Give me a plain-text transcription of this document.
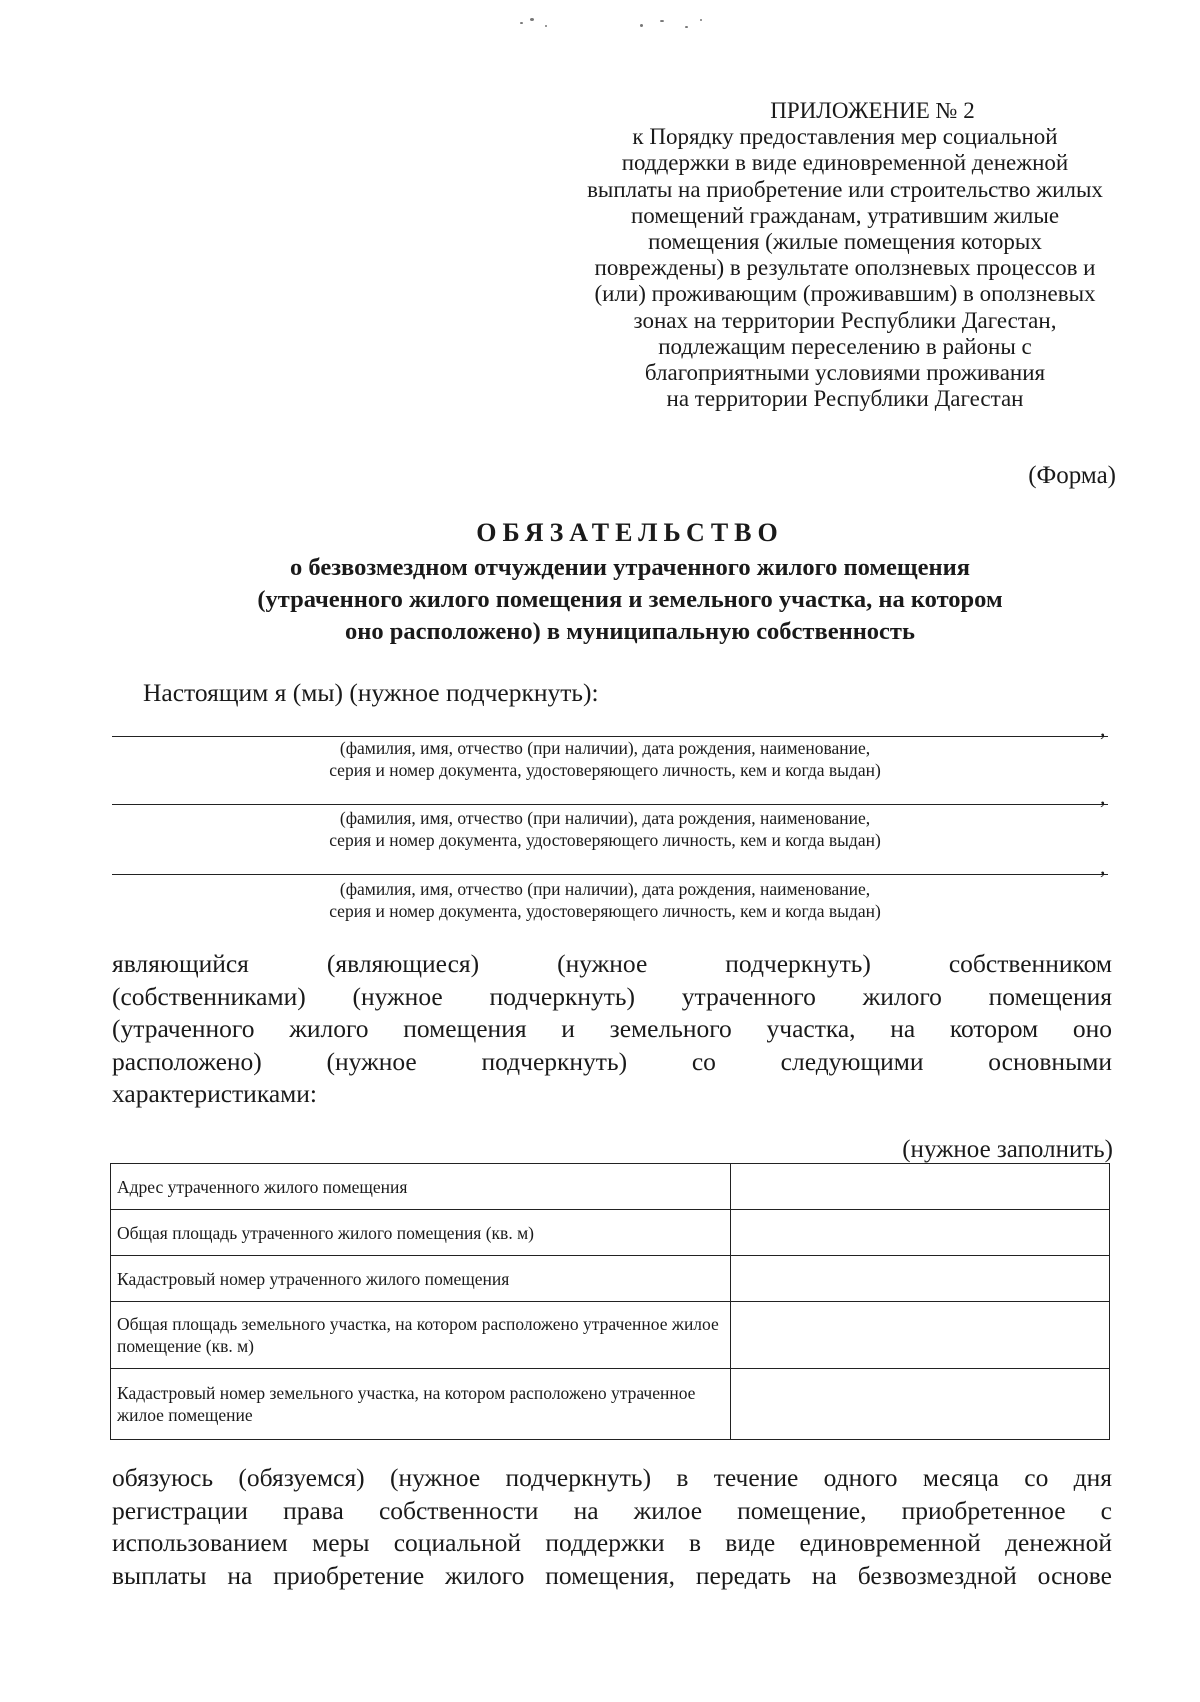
ПРИЛОЖЕНИЕ № 2
к Порядку предоставления мер социальной
поддержки в виде единовременной денежной
выплаты на приобретение или строительство жилых
помещений гражданам, утратившим жилые
помещения (жилые помещения которых
повреждены) в результате оползневых процессов и
(или) проживающим (проживавшим) в оползневых
зонах на территории Республики Дагестан,
подлежащим переселению в районы с
благоприятными условиями проживания
на территории Республики Дагестан
(Форма)
ОБЯЗАТЕЛЬСТВО
о безвозмездном отчуждении утраченного жилого помещения
(утраченного жилого помещения и земельного участка, на котором
оно расположено) в муниципальную собственность
Настоящим я (мы) (нужное подчеркнуть):
,
(фамилия, имя, отчество (при наличии), дата рождения, наименование,
серия и номер документа, удостоверяющего личность, кем и когда выдан)
,
(фамилия, имя, отчество (при наличии), дата рождения, наименование,
серия и номер документа, удостоверяющего личность, кем и когда выдан)
,
(фамилия, имя, отчество (при наличии), дата рождения, наименование,
серия и номер документа, удостоверяющего личность, кем и когда выдан)
являющийся (являющиеся) (нужное подчеркнуть) собственником
(собственниками) (нужное подчеркнуть) утраченного жилого помещения
(утраченного жилого помещения и земельного участка, на котором оно
расположено) (нужное подчеркнуть) со следующими основными
характеристиками:
(нужное заполнить)
Адрес утраченного жилого помещения	
Общая площадь утраченного жилого помещения (кв. м)	
Кадастровый номер утраченного жилого помещения	
Общая площадь земельного участка, на котором расположено утраченное жилое помещение (кв. м)	
Кадастровый номер земельного участка, на котором расположено утраченное жилое помещение	
обязуюсь (обязуемся) (нужное подчеркнуть) в течение одного месяца со дня
регистрации права собственности на жилое помещение, приобретенное с
использованием меры социальной поддержки в виде единовременной денежной
выплаты на приобретение жилого помещения, передать на безвозмездной основе
